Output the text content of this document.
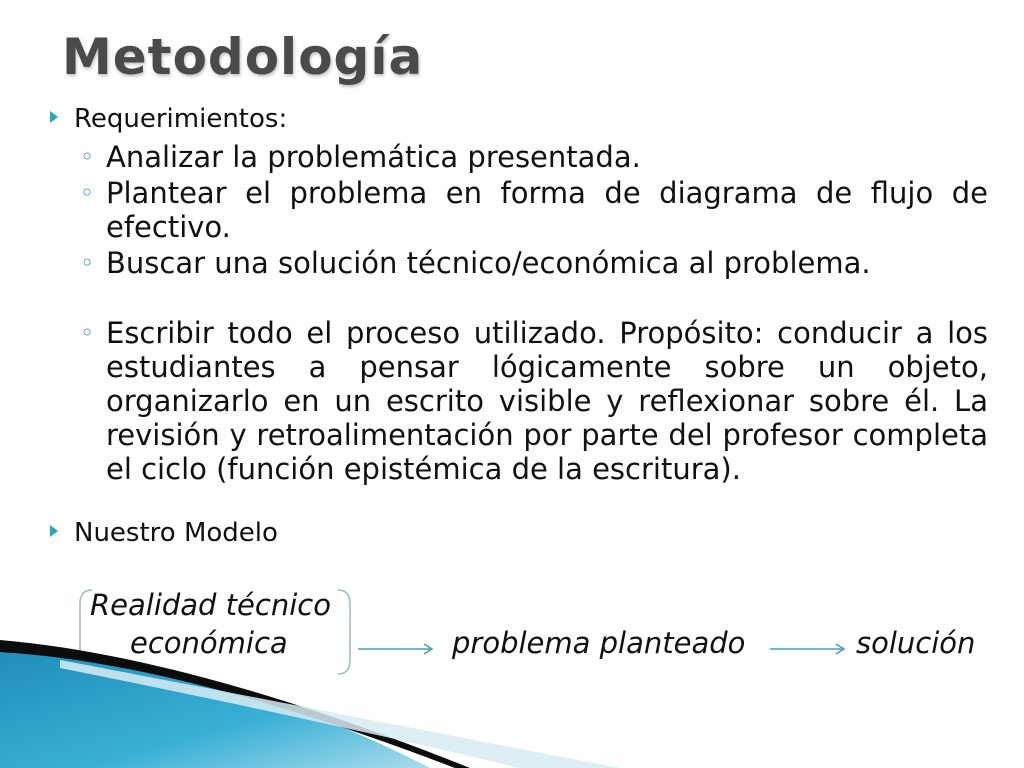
Metodología
Requerimientos:
◦ Analizar la problemática presentada.
◦ Plantear el problema en forma de diagrama de flujo de efectivo.
◦ Buscar una solución técnico/económica al problema.
◦ Escribir todo el proceso utilizado. Propósito: conducir a los estudiantes a pensar lógicamente sobre un objeto, organizarlo en un escrito visible y reflexionar sobre él. La revisión y retroalimentación por parte del profesor completa el ciclo (función epistémica de la escritura).
Nuestro Modelo
Realidad técnico
económica	problema planteado	solución
